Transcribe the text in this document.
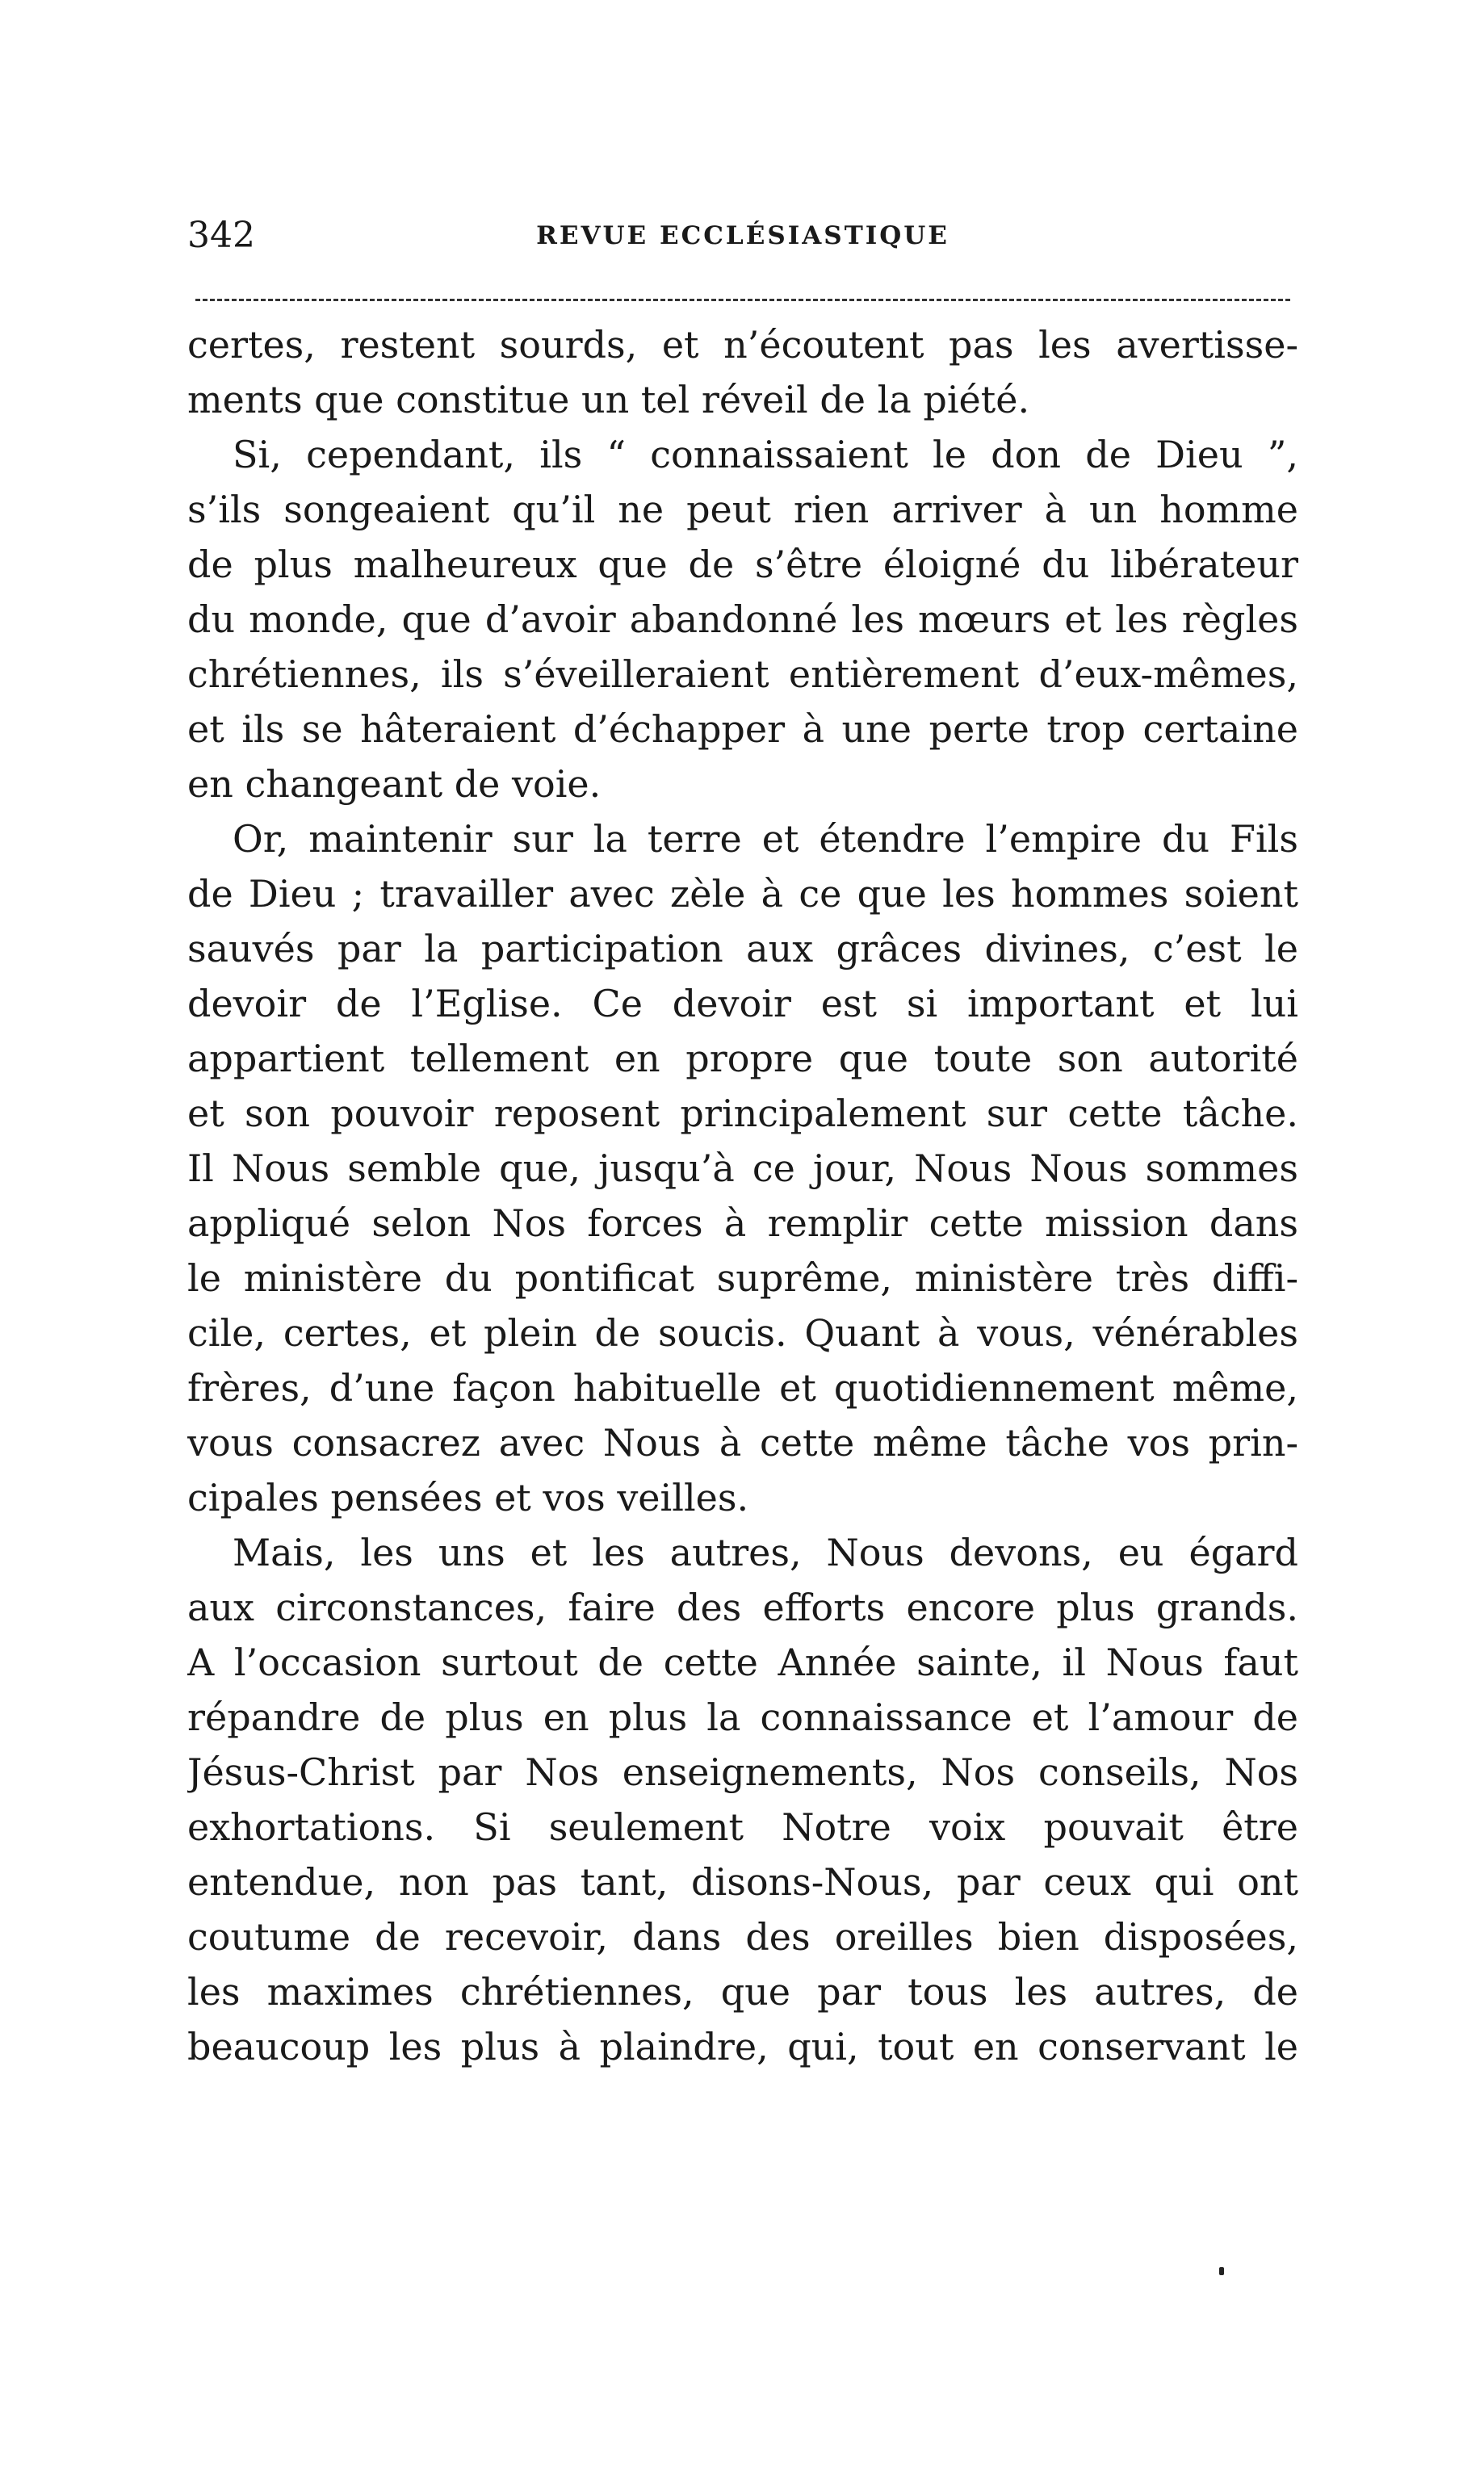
342	REVUE ECCLÉSIASTIQUE

certes, restent sourds, et n’écoutent pas les avertisse-
ments que constitue un tel réveil de la piété.

Si, cependant, ils “ connaissaient le don de Dieu ”,
s’ils songeaient qu’il ne peut rien arriver à un homme
de plus malheureux que de s’être éloigné du libérateur
du monde, que d’avoir abandonné les mœurs et les règles
chrétiennes, ils s’éveilleraient entièrement d’eux-mêmes,
et ils se hâteraient d’échapper à une perte trop certaine
en changeant de voie.

Or, maintenir sur la terre et étendre l’empire du Fils
de Dieu ; travailler avec zèle à ce que les hommes soient
sauvés par la participation aux grâces divines, c’est le
devoir de l’Eglise. Ce devoir est si important et lui
appartient tellement en propre que toute son autorité
et son pouvoir reposent principalement sur cette tâche.
Il Nous semble que, jusqu’à ce jour, Nous Nous sommes
appliqué selon Nos forces à remplir cette mission dans
le ministère du pontificat suprême, ministère très diffi-
cile, certes, et plein de soucis. Quant à vous, vénérables
frères, d’une façon habituelle et quotidiennement même,
vous consacrez avec Nous à cette même tâche vos prin-
cipales pensées et vos veilles.

Mais, les uns et les autres, Nous devons, eu égard
aux circonstances, faire des efforts encore plus grands.
A l’occasion surtout de cette Année sainte, il Nous faut
répandre de plus en plus la connaissance et l’amour de
Jésus-Christ par Nos enseignements, Nos conseils, Nos
exhortations. Si seulement Notre voix pouvait être
entendue, non pas tant, disons-Nous, par ceux qui ont
coutume de recevoir, dans des oreilles bien disposées,
les maximes chrétiennes, que par tous les autres, de
beaucoup les plus à plaindre, qui, tout en conservant le
